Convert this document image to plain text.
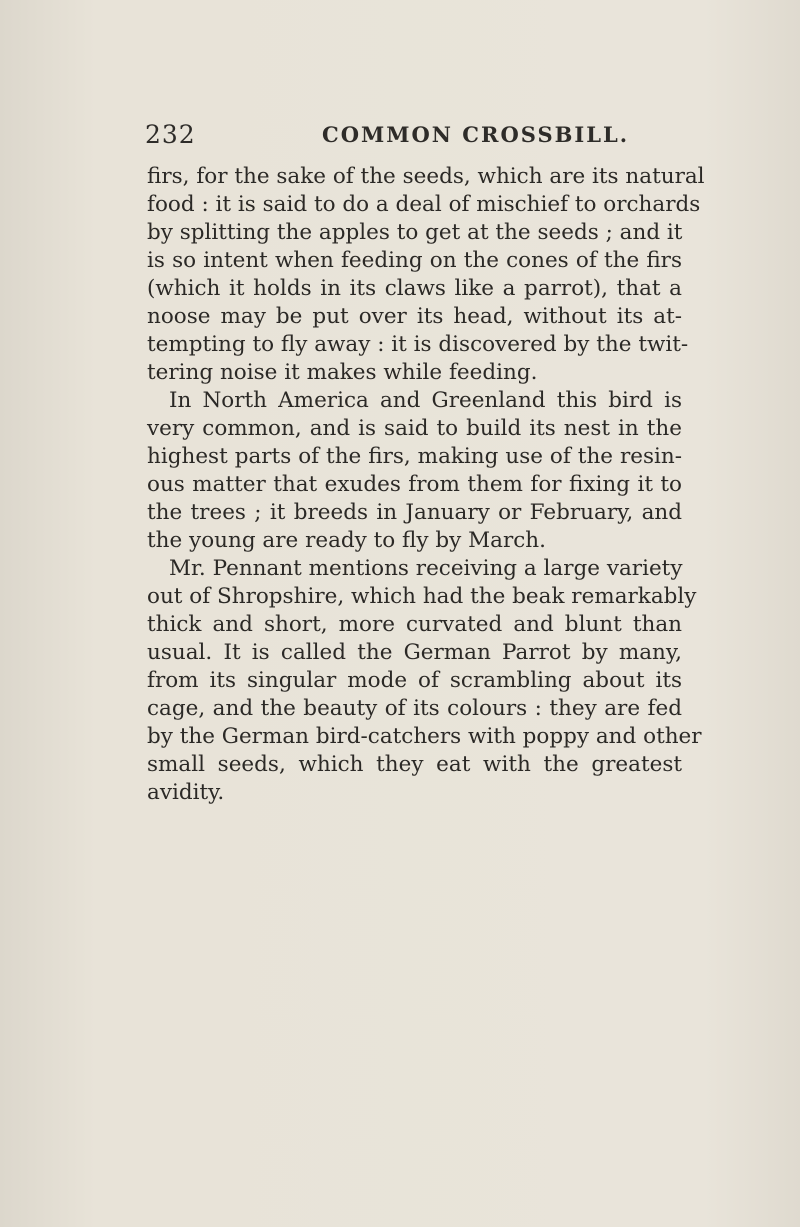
232	COMMON CROSSBILL.
firs, for the sake of the seeds, which are its natural
food : it is said to do a deal of mischief to orchards
by splitting the apples to get at the seeds ; and it
is so intent when feeding on the cones of the firs
(which it holds in its claws like a parrot), that a
noose may be put over its head, without its at-
tempting to fly away : it is discovered by the twit-
tering noise it makes while feeding.
In North America and Greenland this bird is
very common, and is said to build its nest in the
highest parts of the firs, making use of the resin-
ous matter that exudes from them for fixing it to
the trees ; it breeds in January or February, and
the young are ready to fly by March.
Mr. Pennant mentions receiving a large variety
out of Shropshire, which had the beak remarkably
thick and short, more curvated and blunt than
usual. It is called the German Parrot by many,
from its singular mode of scrambling about its
cage, and the beauty of its colours : they are fed
by the German bird-catchers with poppy and other
small seeds, which they eat with the greatest
avidity.
